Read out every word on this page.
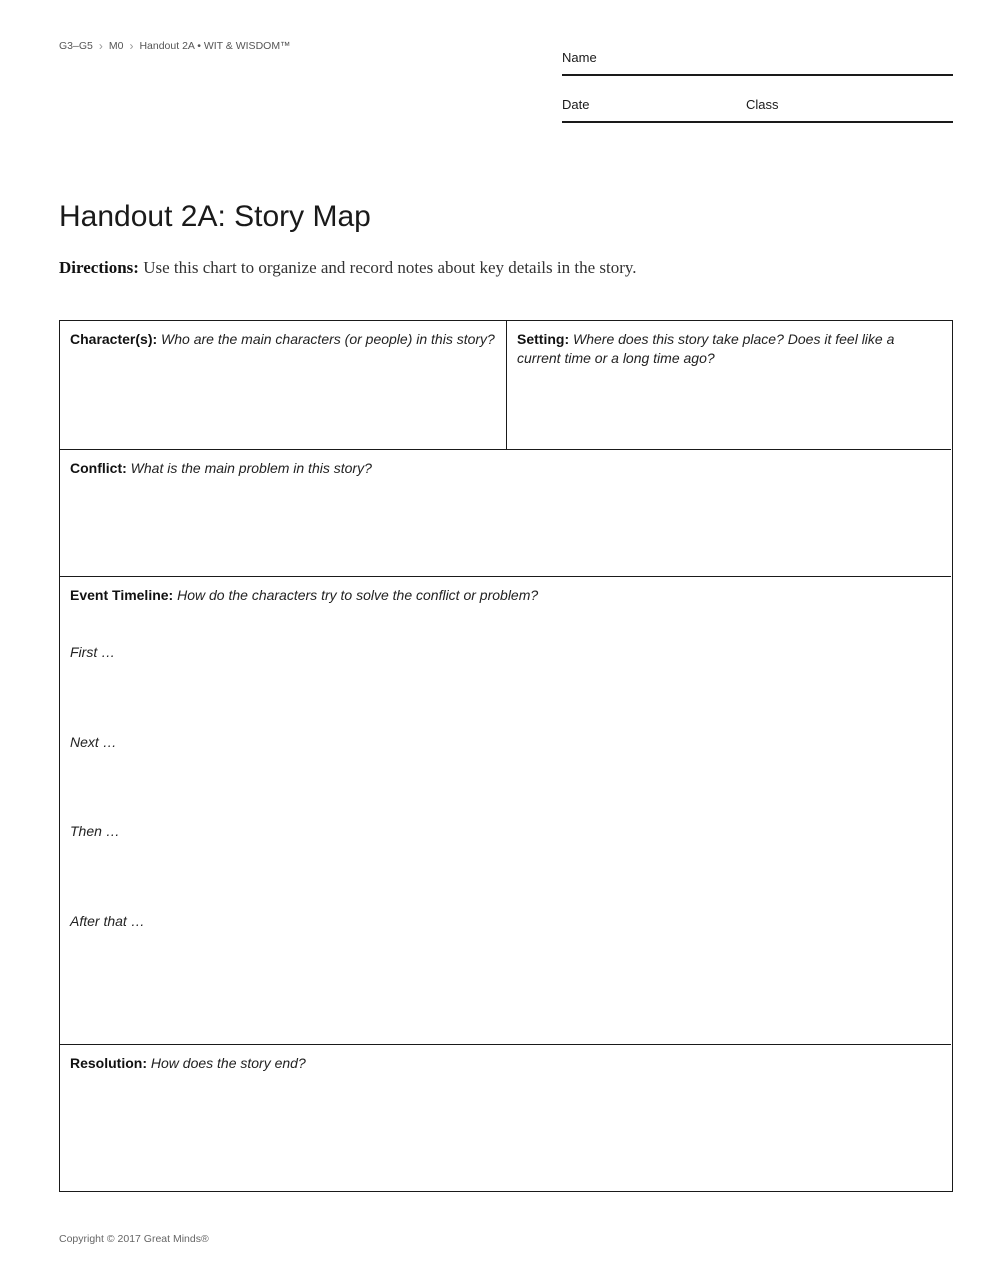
G3–G5 › M0 › Handout 2A • WIT & WISDOM™
Name
Date	Class
Handout 2A: Story Map
Directions: Use this chart to organize and record notes about key details in the story.
Character(s): Who are the main characters (or people) in this story?	Setting: Where does this story take place? Does it feel like a current time or a long time ago?
Conflict: What is the main problem in this story?
Event Timeline: How do the characters try to solve the conflict or problem?
First …
Next …
Then …
After that …
Resolution: How does the story end?
Copyright © 2017 Great Minds®
